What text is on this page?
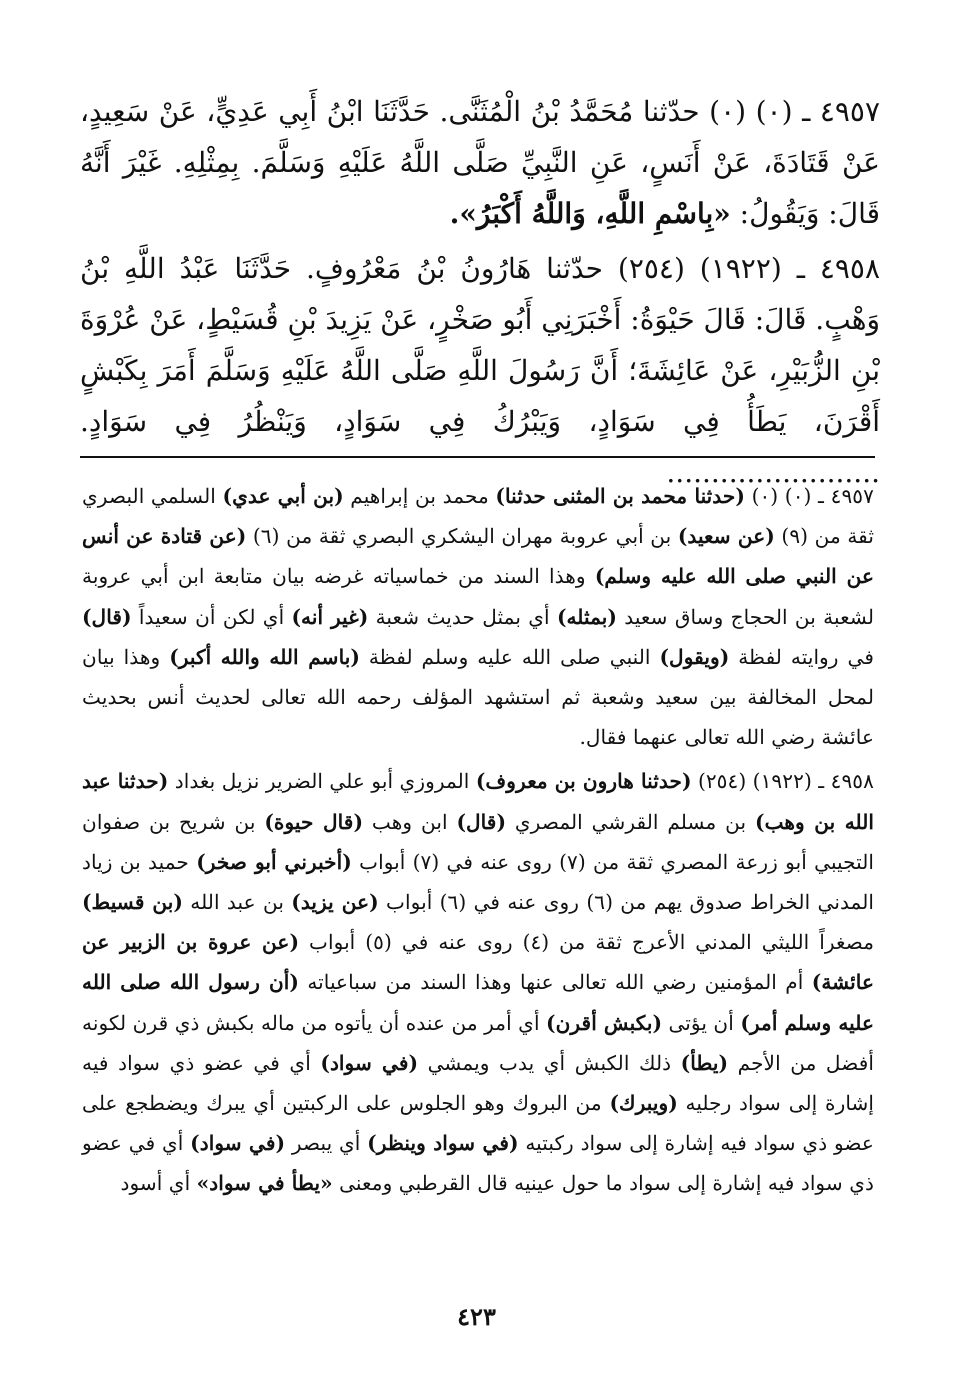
٤٩٥٧ ـ (٠) (٠) حدّثنا مُحَمَّدُ بْنُ الْمُثَنَّى. حَدَّثَنَا ابْنُ أَبِي عَدِيٍّ، عَنْ سَعِيدٍ، عَنْ قَتَادَةَ، عَنْ أَنَسٍ، عَنِ النَّبِيِّ صَلَّى اللَّهُ عَلَيْهِ وَسَلَّمَ. بِمِثْلِهِ. غَيْرَ أَنَّهُ قَالَ: وَيَقُولُ: «بِاسْمِ اللَّهِ، وَاللَّهُ أَكْبَرُ».

٤٩٥٨ ـ (١٩٢٢) (٢٥٤) حدّثنا هَارُونُ بْنُ مَعْرُوفٍ. حَدَّثَنَا عَبْدُ اللَّهِ بْنُ وَهْبٍ. قَالَ: قَالَ حَيْوَةُ: أَخْبَرَنِي أَبُو صَخْرٍ، عَنْ يَزِيدَ بْنِ قُسَيْطٍ، عَنْ عُرْوَةَ بْنِ الزُّبَيْرِ، عَنْ عَائِشَةَ؛ أَنَّ رَسُولَ اللَّهِ صَلَّى اللَّهُ عَلَيْهِ وَسَلَّمَ أَمَرَ بِكَبْشٍ أَقْرَنَ، يَطَأُ فِي سَوَادٍ، وَيَبْرُكُ فِي سَوَادٍ، وَيَنْظُرُ فِي سَوَادٍ. ........................

٤٩٥٧ ـ (٠) (٠) (حدثنا محمد بن المثنى حدثنا) محمد بن إبراهيم (بن أبي عدي) السلمي البصري ثقة من (٩) (عن سعيد) بن أبي عروبة مهران اليشكري البصري ثقة من (٦) (عن قتادة عن أنس عن النبي صلى الله عليه وسلم) وهذا السند من خماسياته غرضه بيان متابعة ابن أبي عروبة لشعبة بن الحجاج وساق سعيد (بمثله) أي بمثل حديث شعبة (غير أنه) أي لكن أن سعيداً (قال) في روايته لفظة (ويقول) النبي صلى الله عليه وسلم لفظة (باسم الله والله أكبر) وهذا بيان لمحل المخالفة بين سعيد وشعبة ثم استشهد المؤلف رحمه الله تعالى لحديث أنس بحديث عائشة رضي الله تعالى عنهما فقال.

٤٩٥٨ ـ (١٩٢٢) (٢٥٤) (حدثنا هارون بن معروف) المروزي أبو علي الضرير نزيل بغداد (حدثنا عبد الله بن وهب) بن مسلم القرشي المصري (قال) ابن وهب (قال حيوة) بن شريح بن صفوان التجيبي أبو زرعة المصري ثقة من (٧) روى عنه في (٧) أبواب (أخبرني أبو صخر) حميد بن زياد المدني الخراط صدوق يهم من (٦) روى عنه في (٦) أبواب (عن يزيد) بن عبد الله (بن قسيط) مصغراً الليثي المدني الأعرج ثقة من (٤) روى عنه في (٥) أبواب (عن عروة بن الزبير عن عائشة) أم المؤمنين رضي الله تعالى عنها وهذا السند من سباعياته (أن رسول الله صلى الله عليه وسلم أمر) أن يؤتى (بكبش أقرن) أي أمر من عنده أن يأتوه من ماله بكبش ذي قرن لكونه أفضل من الأجم (يطأ) ذلك الكبش أي يدب ويمشي (في سواد) أي في عضو ذي سواد فيه إشارة إلى سواد رجليه (ويبرك) من البروك وهو الجلوس على الركبتين أي يبرك ويضطجع على عضو ذي سواد فيه إشارة إلى سواد ركبتيه (في سواد وينظر) أي يبصر (في سواد) أي في عضو ذي سواد فيه إشارة إلى سواد ما حول عينيه قال القرطبي ومعنى «يطأ في سواد» أي أسود

٤٢٣
